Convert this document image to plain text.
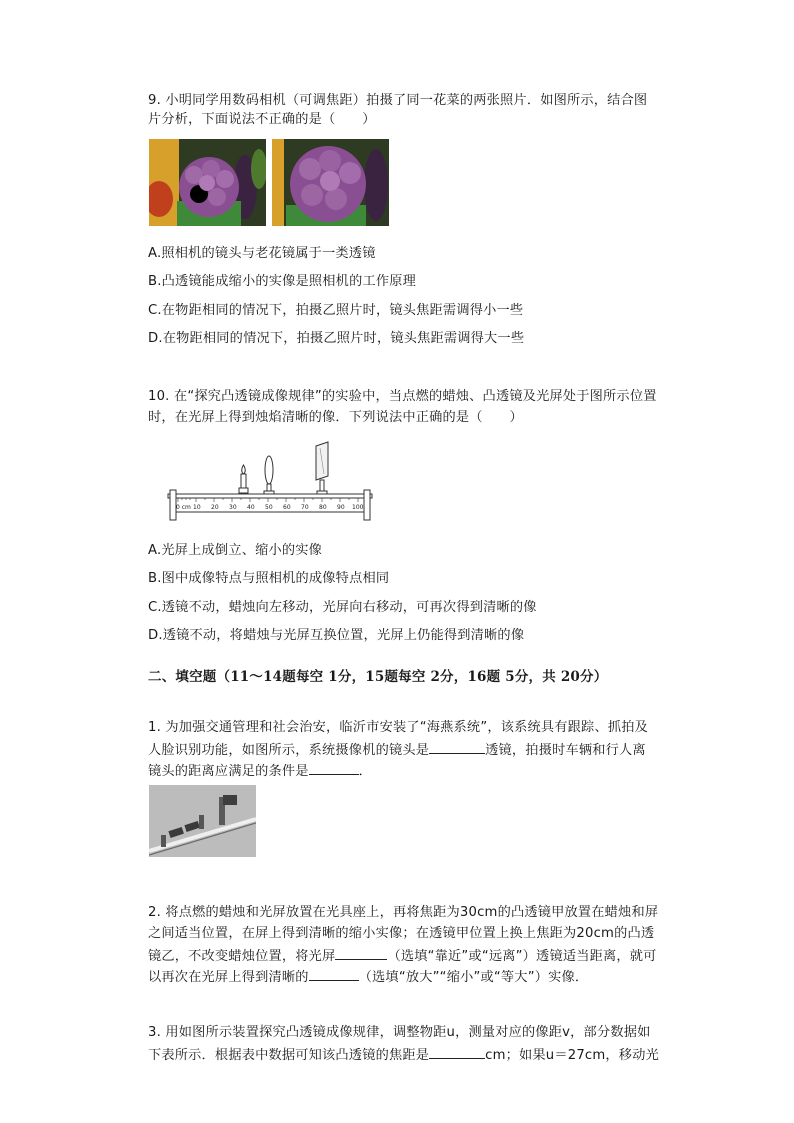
9. 小明同学用数码相机（可调焦距）拍摄了同一花菜的两张照片．如图所示，结合图
片分析，下面说法不正确的是（　　）
A.照相机的镜头与老花镜属于一类透镜
B.凸透镜能成缩小的实像是照相机的工作原理
C.在物距相同的情况下，拍摄乙照片时，镜头焦距需调得小一些
D.在物距相同的情况下，拍摄乙照片时，镜头焦距需调得大一些
10. 在“探究凸透镜成像规律”的实验中，当点燃的蜡烛、凸透镜及光屏处于图所示位置
时，在光屏上得到烛焰清晰的像．下列说法中正确的是（　　）
0 cm 10 20 30 40 50 60 70 80 90 100
A.光屏上成倒立、缩小的实像
B.图中成像特点与照相机的成像特点相同
C.透镜不动，蜡烛向左移动，光屏向右移动，可再次得到清晰的像
D.透镜不动，将蜡烛与光屏互换位置，光屏上仍能得到清晰的像
二、填空题（11～14题每空 1分，15题每空 2分，16题 5分，共 20分）
1. 为加强交通管理和社会治安，临沂市安装了“海燕系统”，该系统具有跟踪、抓拍及
人脸识别功能，如图所示，系统摄像机的镜头是	透镜，拍摄时车辆和行人离
镜头的距离应满足的条件是	．
2. 将点燃的蜡烛和光屏放置在光具座上，再将焦距为30cm的凸透镜甲放置在蜡烛和屏
之间适当位置，在屏上得到清晰的缩小实像；在透镜甲位置上换上焦距为20cm的凸透
镜乙，不改变蜡烛位置，将光屏	（选填“靠近”或“远离”）透镜适当距离，就可
以再次在光屏上得到清晰的	（选填“放大”“缩小”或“等大”）实像．
3. 用如图所示装置探究凸透镜成像规律，调整物距u，测量对应的像距v，部分数据如
下表所示．根据表中数据可知该凸透镜的焦距是	cm；如果u＝27cm，移动光
